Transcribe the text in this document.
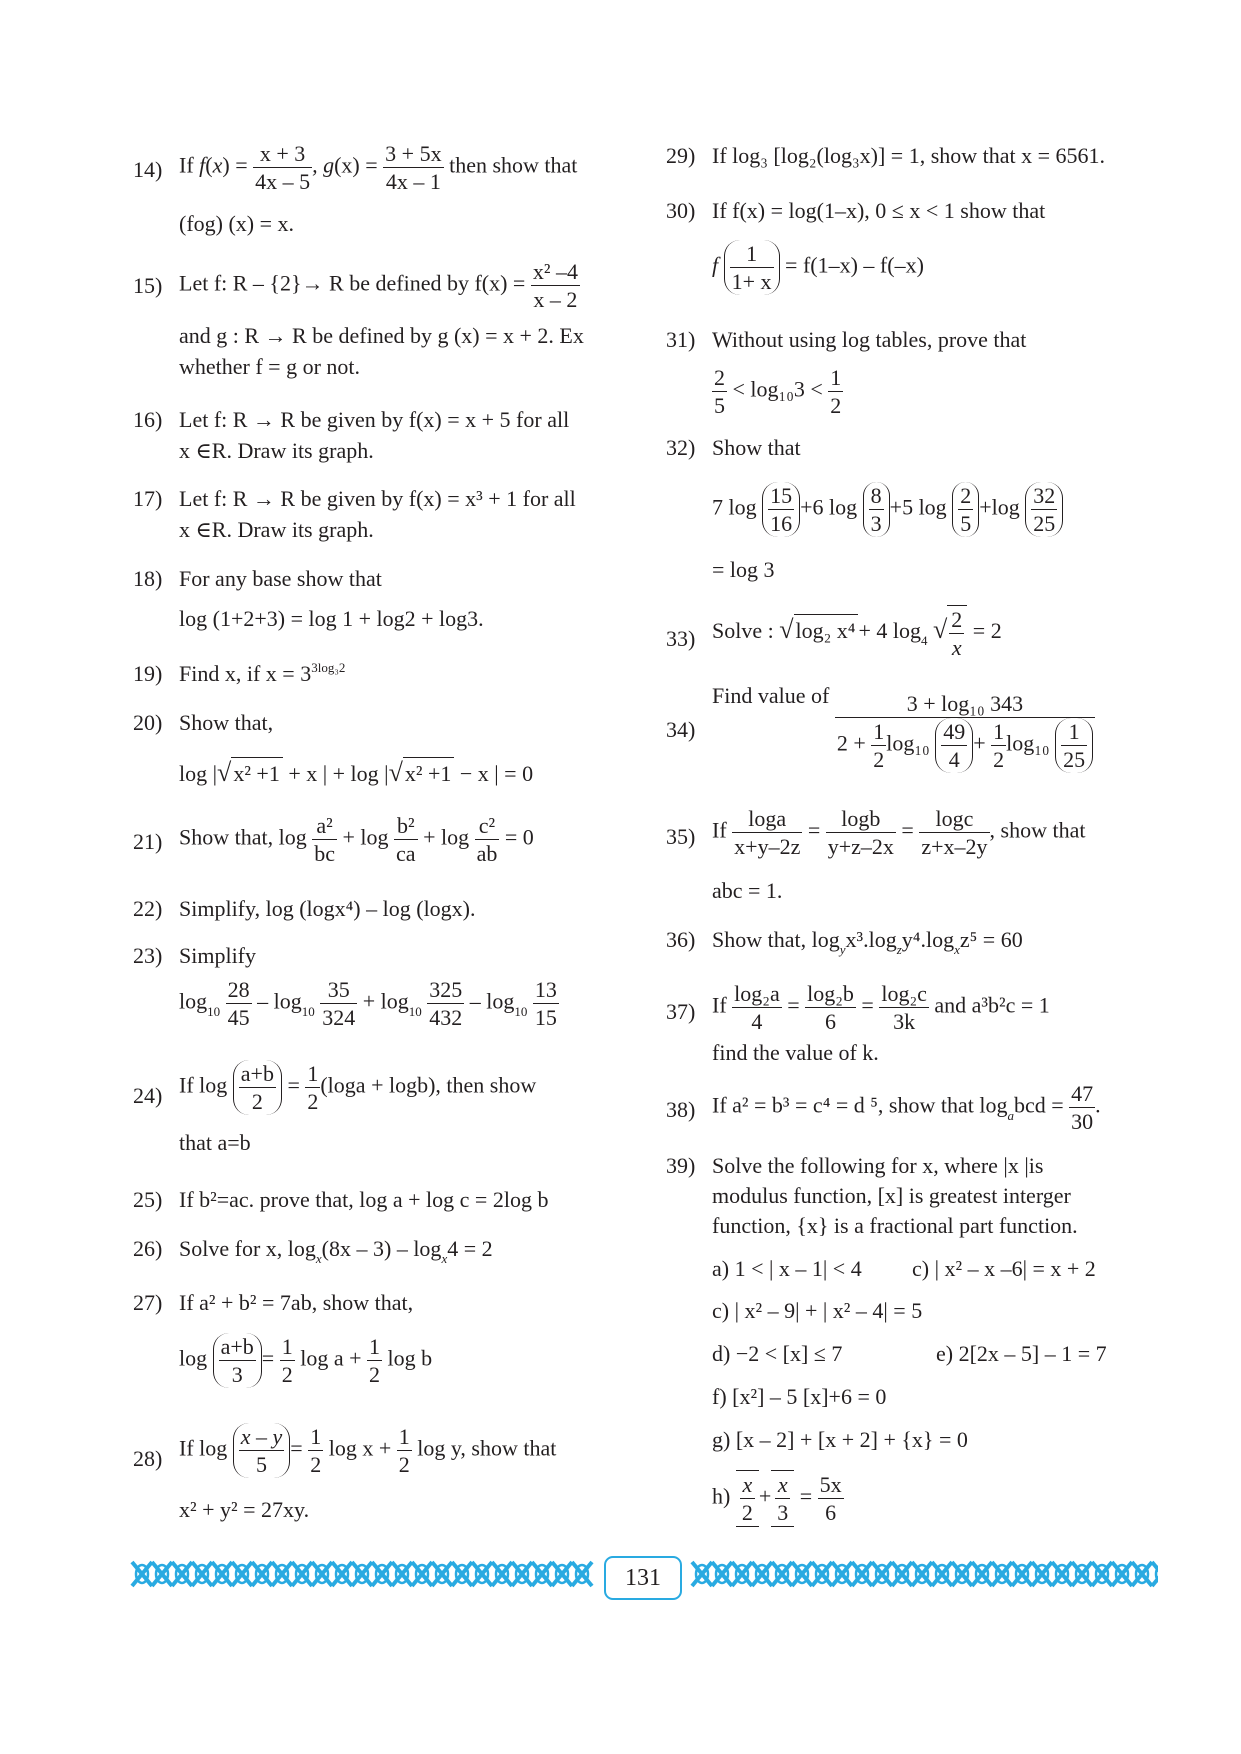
14) If $f(x) = \frac{x + 3}{4x - 5}$ , $g(x) = \frac{3 + 5x}{4x - 1}$ then show that
(fog) (x) = x.
15) Let f: R – {2}→ R be defined by $f(x) = \frac{\text{x² –4}}{x - 2}$
and g : R → R be defined by g (x) = x + 2. Ex
whether f = g or not.
16) Let f: R → R be given by f(x) = x + 5 for all
x ∈R. Draw its graph.
17) Let f: R → R be given by f(x) = x³ + 1 for all
x ∈R. Draw its graph.
18) For any base show that
log (1+2+3) = log 1 + log2 + log3.
19) Find x, if $x = 3^{3log_32}$
20) Show that,
log |√x² +1 + x | + log |√x² +1 − x | = 0
21) Show that, $\log \frac{\text{a²}}{bc} + \log \frac{\text{b²}}{ca} + \log \frac{\text{c²}}{ab} = 0$
22) Simplify, log (logx⁴) – log (logx).
23) Simplify
$\log_{10} \frac{28}{45} - \log_{10} \frac{35}{324} + \log_{10} \frac{325}{432} - \log_{10} \frac{13}{15}$
24) If $\log \frac{a+b}{2} = \frac{1}{2} (\log a + \log b)$, then show
that a=b
25) If b²=ac. prove that, log a + log c = 2log b
26) Solve for x, $\log_x(8x - 3) - \log_x4 = 2$
27) If a² + b² = 7ab, show that,
$\log \frac{a+b}{3} = \frac{1}{2}$ $\log a + \frac{1}{2}$ log b
28) If $\log \frac{x - y}{5} = \frac{1}{2}$ $\log x + \frac{1}{2}$ log y, show that
x² + y² = 27xy.
29) If log₃ [log₂(log₃x)] = 1, show that x = 6561.
30) If f(x) = log(1–x), 0 ≤ x < 1 show that
f $\frac{1}{1+ x} = f(1-x) - f(-x)$
31) Without using log tables, prove that
$\frac{2}{5} < \log_{10}3 < \frac{1}{2}$
32) Show that
7 $\log \frac{15}{16} +6$ $\log \frac{8}{3} +5$ $\log \frac{2}{5} +\log \frac{32}{25}$
= log 3
33) Solve : √log₂ x⁴ + 4 $\log_4$ √ $\frac{2}{x} = 2$
34)
Find value of	3 + log₁₀ 343
$2 + \frac{1}{2} \log_{10} \frac{49}{4} + \frac{1}{2} \log_{10} \frac{1}{25}$
35) If $\frac{\log a}{x+y-2z} = \frac{\log b}{y+z-2x} = \frac{\log c}{z+x-2y}$ , show that
abc = 1.
36) Show that, $\log_yx^3.\log_zy^4.\log_xz^5 = 60$
37) If $\frac{\text{log₂a}}{4} = \frac{\text{log₂b}}{6} = \frac{\text{log₂c}}{3k}$ and a³b²c = 1
find the value of k.
38) If a² = b³ = c⁴ = d ⁵, show that $\log_abcd = \frac{47}{30}$ .
39) Solve the following for x, where |x |is
modulus function, [x] is greatest interger
function, {x} is a fractional part function.
a) 1 < | x – 1| < 4 c) | x² – x –6| = x + 2
c) | x² – 9| + | x² – 4| = 5
d) −2 < [x] ≤ 7	e) 2[2x – 5] – 1 = 7
f) [x²] – 5 [x]+6 = 0
g) [x – 2] + [x + 2] + {x} = 0
$h) \frac{x}{2} + \frac{x}{3} = \frac{5x}{6}$
131
